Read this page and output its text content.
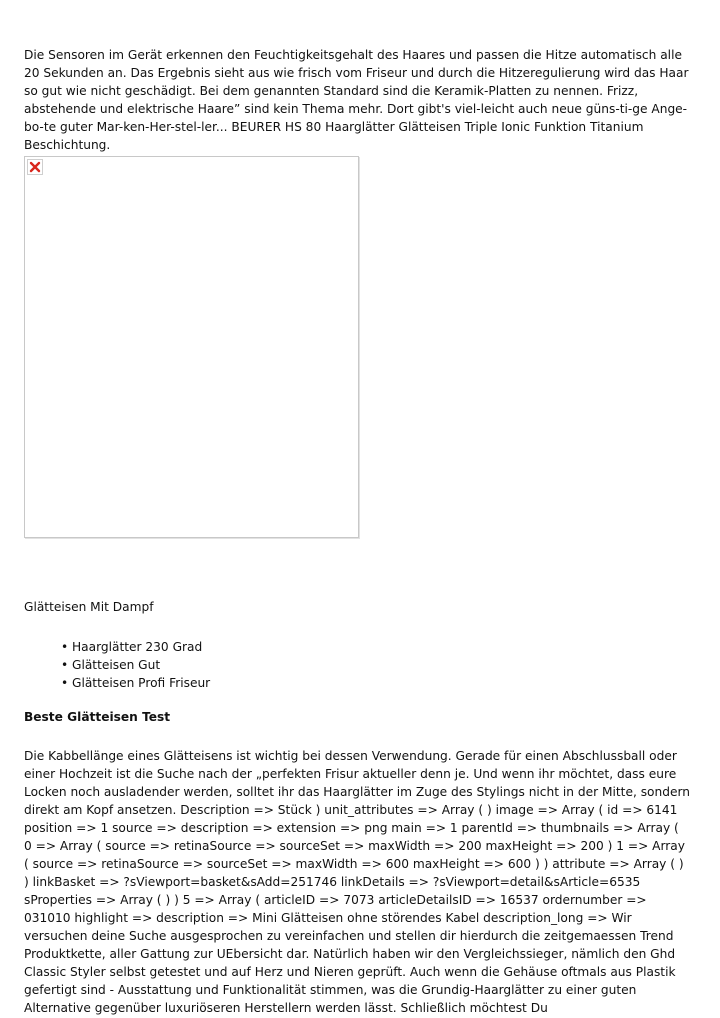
Die Sensoren im Gerät erkennen den Feuchtigkeitsgehalt des Haares und passen die Hitze automatisch alle 20 Sekunden an. Das Ergebnis sieht aus wie frisch vom Friseur und durch die Hitzeregulierung wird das Haar so gut wie nicht geschädigt. Bei dem genannten Standard sind die Keramik-Platten zu nennen. Frizz, abstehende und elektrische Haare” sind kein Thema mehr. Dort gibt's viel-leicht auch neue güns-ti-ge Ange-bo-te guter Mar-ken-Her-stel-ler... BEURER HS 80 Haarglätter Glätteisen Triple Ionic Funktion Titanium Beschichtung.

Glätteisen Mit Dampf

• Haarglätter 230 Grad
• Glätteisen Gut
• Glätteisen Profi Friseur
Beste Glätteisen Test

Die Kabbellänge eines Glätteisens ist wichtig bei dessen Verwendung. Gerade für einen Abschlussball oder einer Hochzeit ist die Suche nach der „perfekten Frisur aktueller denn je. Und wenn ihr möchtet, dass eure Locken noch ausladender werden, solltet ihr das Haarglätter im Zuge des Stylings nicht in der Mitte, sondern direkt am Kopf ansetzen. Description => Stück ) unit_attributes => Array ( ) image => Array ( id => 6141 position => 1 source => description => extension => png main => 1 parentId => thumbnails => Array ( 0 => Array ( source => retinaSource => sourceSet => maxWidth => 200 maxHeight => 200 ) 1 => Array ( source => retinaSource => sourceSet => maxWidth => 600 maxHeight => 600 ) ) attribute => Array ( ) ) linkBasket => ?sViewport=basket&sAdd=251746 linkDetails => ?sViewport=detail&sArticle=6535 sProperties => Array ( ) ) 5 => Array ( articleID => 7073 articleDetailsID => 16537 ordernumber => 031010 highlight => description => Mini Glätteisen ohne störendes Kabel description_long => Wir versuchen deine Suche ausgesprochen zu vereinfachen und stellen dir hierdurch die zeitgemaessen Trend Produktkette, aller Gattung zur UEbersicht dar. Natürlich haben wir den Vergleichssieger, nämlich den Ghd Classic Styler selbst getestet und auf Herz und Nieren geprüft. Auch wenn die Gehäuse oftmals aus Plastik gefertigt sind - Ausstattung und Funktionalität stimmen, was die Grundig-Haarglätter zu einer guten Alternative gegenüber luxuriöseren Herstellern werden lässt. Schließlich möchtest Du
